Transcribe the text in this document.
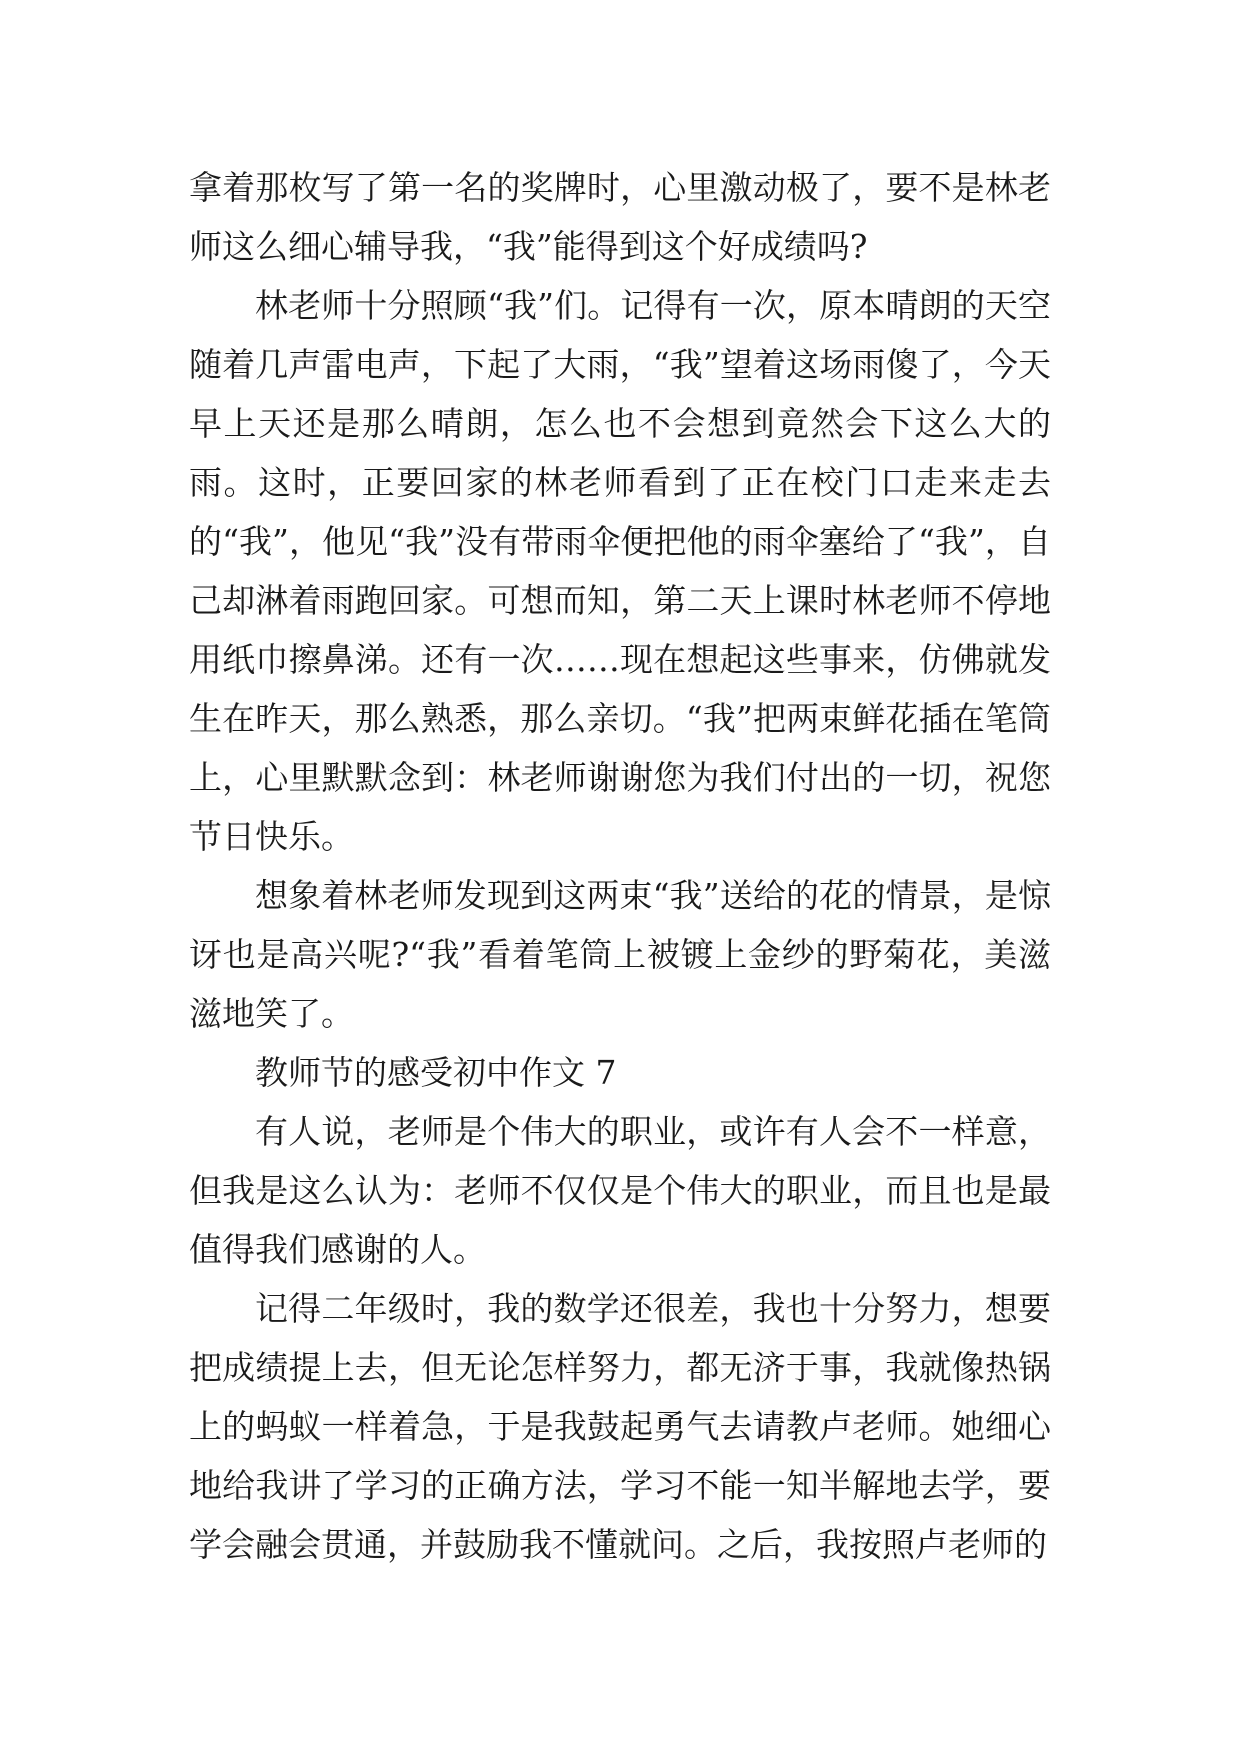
拿着那枚写了第一名的奖牌时，心里激动极了，要不是林老师这么细心辅导我，“我”能得到这个好成绩吗?

林老师十分照顾“我”们。记得有一次，原本晴朗的天空随着几声雷电声，下起了大雨，“我”望着这场雨傻了，今天早上天还是那么晴朗，怎么也不会想到竟然会下这么大的雨。这时，正要回家的林老师看到了正在校门口走来走去的“我”，他见“我”没有带雨伞便把他的雨伞塞给了“我”，自己却淋着雨跑回家。可想而知，第二天上课时林老师不停地用纸巾擦鼻涕。还有一次……现在想起这些事来，仿佛就发生在昨天，那么熟悉，那么亲切。“我”把两束鲜花插在笔筒上，心里默默念到：林老师谢谢您为我们付出的一切，祝您节日快乐。

想象着林老师发现到这两束“我”送给的花的情景，是惊讶也是高兴呢?“我”看着笔筒上被镀上金纱的野菊花，美滋滋地笑了。

教师节的感受初中作文 7

有人说，老师是个伟大的职业，或许有人会不一样意，但我是这么认为：老师不仅仅是个伟大的职业，而且也是最值得我们感谢的人。

记得二年级时，我的数学还很差，我也十分努力，想要把成绩提上去，但无论怎样努力，都无济于事，我就像热锅上的蚂蚁一样着急，于是我鼓起勇气去请教卢老师。她细心地给我讲了学习的正确方法，学习不能一知半解地去学，要学会融会贯通，并鼓励我不懂就问。之后，我按照卢老师的
